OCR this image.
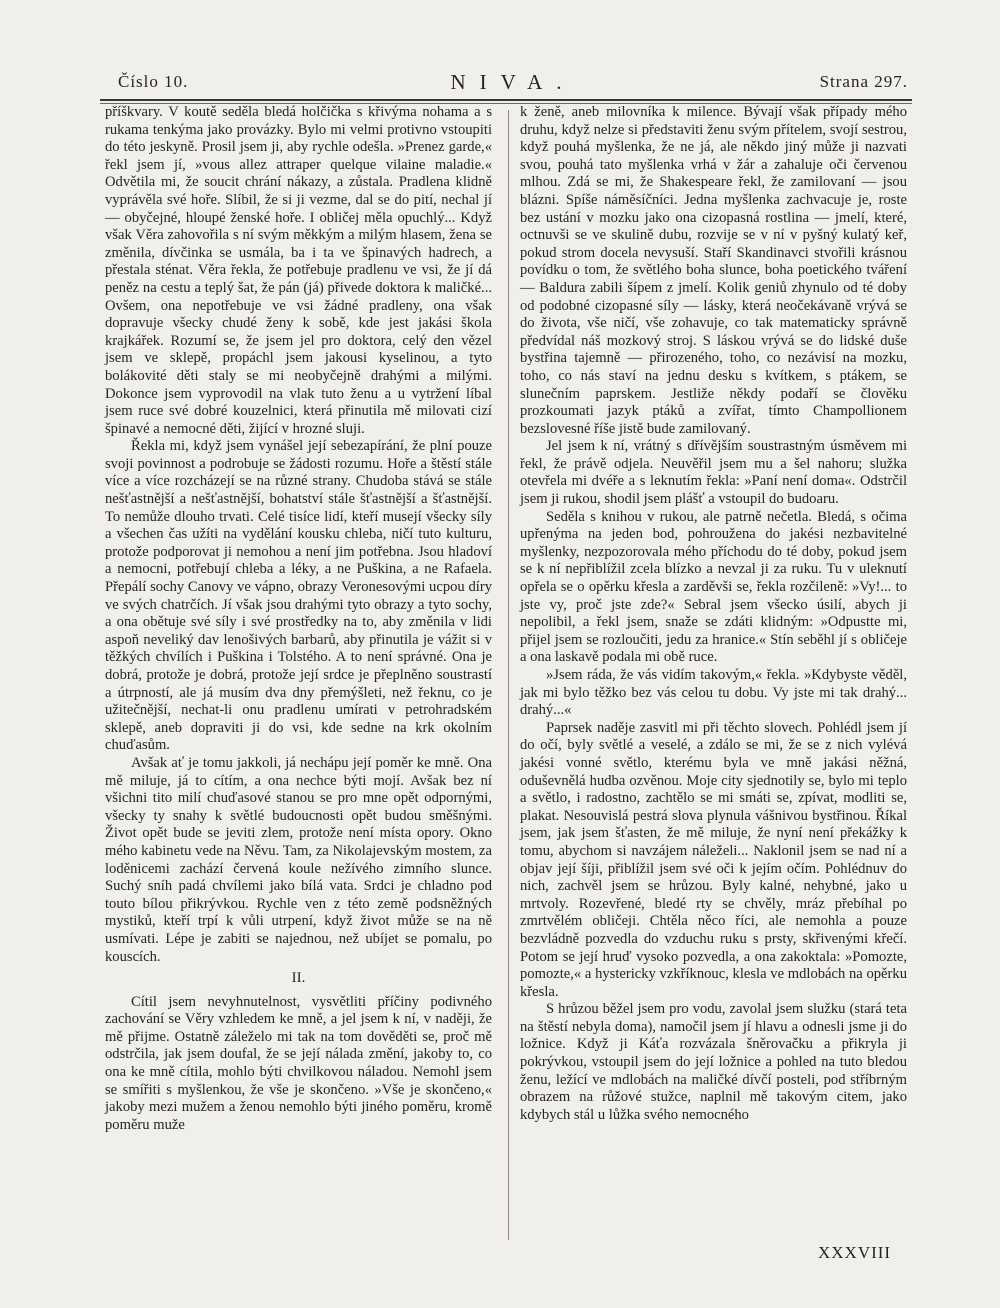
Číslo 10.	NIVA.	Strana 297.

příškvary. V koutě seděla bledá holčička s křivýma nohama a s rukama tenkýma jako provázky. Bylo mi velmi protivno vstoupiti do této jeskyně. Prosil jsem ji, aby rychle odešla. »Prenez garde,« řekl jsem jí, »vous allez attraper quelque vilaine maladie.« Odvětila mi, že soucit chrání nákazy, a zůstala. Pradlena klidně vyprávěla své hoře. Slíbil, že si ji vezme, dal se do pití, nechal jí — obyčejné, hloupé ženské hoře. I obličej měla opuchlý... Když však Věra zahovořila s ní svým měkkým a milým hlasem, žena se změnila, dívčinka se usmála, ba i ta ve špinavých hadrech, a přestala sténat. Věra řekla, že potřebuje pradlenu ve vsi, že jí dá peněz na cestu a teplý šat, že pán (já) přivede doktora k maličké... Ovšem, ona nepotřebuje ve vsi žádné pradleny, ona však dopravuje všecky chudé ženy k sobě, kde jest jakási škola krajkářek. Rozumí se, že jsem jel pro doktora, celý den vězel jsem ve sklepě, propáchl jsem jakousi kyselinou, a tyto bolákovité děti staly se mi neobyčejně drahými a milými. Dokonce jsem vyprovodil na vlak tuto ženu a u vytržení líbal jsem ruce své dobré kouzelnici, která přinutila mě milovati cizí špinavé a nemocné děti, žijící v hrozné sluji.

Řekla mi, když jsem vynášel její sebezapírání, že plní pouze svoji povinnost a podrobuje se žádosti rozumu. Hoře a štěstí stále více a více rozcházejí se na různé strany. Chudoba stává se stále nešťastnější a nešťastnější, bohatství stále šťastnější a šťastnější. To nemůže dlouho trvati. Celé tisíce lidí, kteří musejí všecky síly a všechen čas užíti na vydělání kousku chleba, ničí tuto kulturu, protože podporovat ji nemohou a není jim potřebna. Jsou hladoví a nemocni, potřebují chleba a léky, a ne Puškina, a ne Rafaela. Přepálí sochy Canovy ve vápno, obrazy Veronesovými ucpou díry ve svých chatrčích. Jí však jsou drahými tyto obrazy a tyto sochy, a ona obětuje své síly i své prostředky na to, aby změnila v lidi aspoň neveliký dav lenošivých barbarů, aby přinutila je vážit si v těžkých chvílích i Puškina i Tolstého. A to není správné. Ona je dobrá, protože je dobrá, protože její srdce je přeplněno soustrastí a útrpností, ale já musím dva dny přemýšleti, než řeknu, co je užitečnější, nechat-li onu pradlenu umírati v petrohradském sklepě, aneb dopraviti ji do vsi, kde sedne na krk okolním chuďasům.

Avšak ať je tomu jakkoli, já nechápu její poměr ke mně. Ona mě miluje, já to cítím, a ona nechce býti mojí. Avšak bez ní všichni tito milí chuďasové stanou se pro mne opět odpornými, všecky ty snahy k světlé budoucnosti opět budou směšnými. Život opět bude se jeviti zlem, protože není místa opory. Okno mého kabinetu vede na Něvu. Tam, za Nikolajevským mostem, za loděnicemi zachází červená koule nežívého zimního slunce. Suchý sníh padá chvílemi jako bílá vata. Srdci je chladno pod touto bílou přikrývkou. Rychle ven z této země podsněžných mystiků, kteří trpí k vůli utrpení, když život může se na ně usmívati. Lépe je zabiti se najednou, než ubíjet se pomalu, po kouscích.

II.

Cítil jsem nevyhnutelnost, vysvětliti příčiny podivného zachování se Věry vzhledem ke mně, a jel jsem k ní, v naději, že mě přijme. Ostatně záleželo mi tak na tom dověděti se, proč mě odstrčila, jak jsem doufal, že se její nálada změní, jakoby to, co ona ke mně cítila, mohlo býti chvilkovou náladou. Nemohl jsem se smířiti s myšlenkou, že vše je skončeno. »Vše je skončeno,« jakoby mezi mužem a ženou nemohlo býti jiného poměru, kromě poměru muže

k ženě, aneb milovníka k milence. Bývají však případy mého druhu, když nelze si představiti ženu svým přítelem, svojí sestrou, když pouhá myšlenka, že ne já, ale někdo jiný může ji nazvati svou, pouhá tato myšlenka vrhá v žár a zahaluje oči červenou mlhou. Zdá se mi, že Shakespeare řekl, že zamilovaní — jsou blázni. Spíše náměsíčníci. Jedna myšlenka zachvacuje je, roste bez ustání v mozku jako ona cizopasná rostlina — jmelí, které, octnuvši se ve skulině dubu, rozvije se v ní v pyšný kulatý keř, pokud strom docela nevysuší. Staří Skandinavci stvořili krásnou povídku o tom, že světlého boha slunce, boha poetického tváření — Baldura zabili šípem z jmelí. Kolik geniů zhynulo od té doby od podobné cizopasné síly — lásky, která neočekávaně vrývá se do života, vše ničí, vše zohavuje, co tak matematicky správně předvídal náš mozkový stroj. S láskou vrývá se do lidské duše bystřina tajemně — přirozeného, toho, co nezávisí na mozku, toho, co nás staví na jednu desku s kvítkem, s ptákem, se slunečním paprskem. Jestliže někdy podaří se člověku prozkoumati jazyk ptáků a zvířat, tímto Champollionem bezslovesné říše jistě bude zamilovaný.

Jel jsem k ní, vrátný s dřívějším soustrastným úsměvem mi řekl, že právě odjela. Neuvěřil jsem mu a šel nahoru; služka otevřela mi dvéře a s leknutím řekla: »Paní není doma«. Odstrčil jsem ji rukou, shodil jsem plášť a vstoupil do budoaru.

Seděla s knihou v rukou, ale patrně nečetla. Bledá, s očima upřenýma na jeden bod, pohroužena do jakési nezbavitelné myšlenky, nezpozorovala mého příchodu do té doby, pokud jsem se k ní nepřiblížil zcela blízko a nevzal ji za ruku. Tu v uleknutí opřela se o opěrku křesla a zarděvši se, řekla rozčileně: »Vy!... to jste vy, proč jste zde?« Sebral jsem všecko úsilí, abych ji nepolibil, a řekl jsem, snaže se zdáti klidným: »Odpustte mi, přijel jsem se rozloučiti, jedu za hranice.« Stín seběhl jí s obličeje a ona laskavě podala mi obě ruce.

»Jsem ráda, že vás vidím takovým,« řekla. »Kdybyste věděl, jak mi bylo těžko bez vás celou tu dobu. Vy jste mi tak drahý... drahý...«

Paprsek naděje zasvitl mi při těchto slovech. Pohlédl jsem jí do očí, byly světlé a veselé, a zdálo se mi, že se z nich vylévá jakési vonné světlo, kterému byla ve mně jakási něžná, oduševnělá hudba ozvěnou. Moje city sjednotily se, bylo mi teplo a světlo, i radostno, zachtělo se mi smáti se, zpívat, modliti se, plakat. Nesouvislá pestrá slova plynula vášnivou bystřinou. Říkal jsem, jak jsem šťasten, že mě miluje, že nyní není překážky k tomu, abychom si navzájem náleželi... Naklonil jsem se nad ní a objav její šíji, přiblížil jsem své oči k jejím očím. Pohlédnuv do nich, zachvěl jsem se hrůzou. Byly kalné, nehybné, jako u mrtvoly. Rozevřené, bledé rty se chvěly, mráz přebíhal po zmrtvělém obličeji. Chtěla něco říci, ale nemohla a pouze bezvládně pozvedla do vzduchu ruku s prsty, skřivenými křečí. Potom se její hruď vysoko pozvedla, a ona zakoktala: »Pomozte, pomozte,« a hystericky vzkříknouc, klesla ve mdlobách na opěrku křesla.

S hrůzou běžel jsem pro vodu, zavolal jsem služku (stará teta na štěstí nebyla doma), namočil jsem jí hlavu a odnesli jsme ji do ložnice. Když ji Káťa rozvázala šněrovačku a přikryla ji pokrývkou, vstoupil jsem do její ložnice a pohled na tuto bledou ženu, ležící ve mdlobách na maličké dívčí posteli, pod stříbrným obrazem na růžové stužce, naplnil mě takovým citem, jako kdybych stál u lůžka svého nemocného

XXXVIII
